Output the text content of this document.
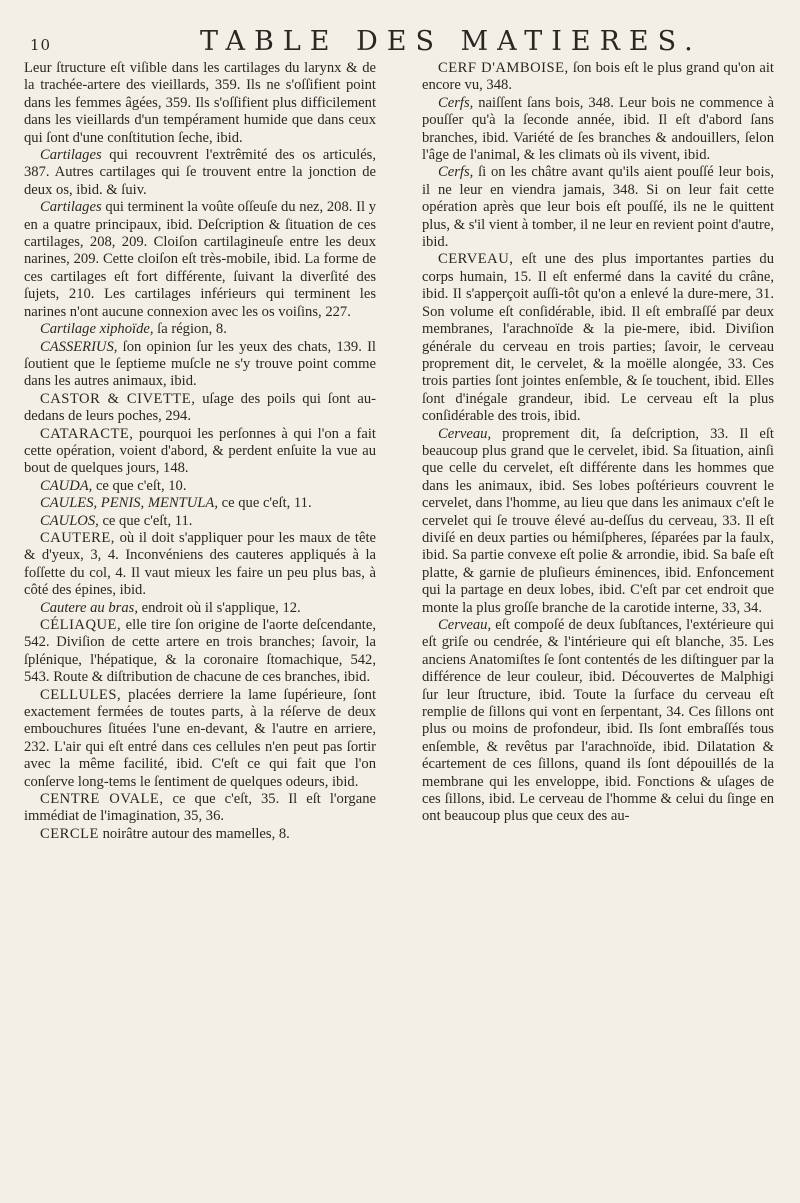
10	TABLE DES MATIERES.

Leur ſtructure eſt viſible dans les cartilages du larynx & de la trachée-artere des vieillards, 359. Ils ne s'oſſifient point dans les femmes âgées, 359. Ils s'oſſifient plus difficilement dans les vieillards d'un tempérament humide que dans ceux qui ſont d'une conſtitution ſeche, ibid.

Cartilages qui recouvrent l'extrêmité des os articulés, 387. Autres cartilages qui ſe trouvent entre la jonction de deux os, ibid. & ſuiv.

Cartilages qui terminent la voûte oſſeuſe du nez, 208. Il y en a quatre principaux, ibid. Deſcription & ſituation de ces cartilages, 208, 209. Cloiſon cartilagineuſe entre les deux narines, 209. Cette cloiſon eſt très-mobile, ibid. La forme de ces cartilages eſt fort différente, ſuivant la diverſité des ſujets, 210. Les cartilages inférieurs qui terminent les narines n'ont aucune connexion avec les os voiſins, 227.

Cartilage xiphoïde, ſa région, 8.

CASSERIUS, ſon opinion ſur les yeux des chats, 139. Il ſoutient que le ſeptieme muſcle ne s'y trouve point comme dans les autres animaux, ibid.

CASTOR & CIVETTE, uſage des poils qui ſont au-dedans de leurs poches, 294.

CATARACTE, pourquoi les perſonnes à qui l'on a fait cette opération, voient d'abord, & perdent enſuite la vue au bout de quelques jours, 148.

CAUDA, ce que c'eſt, 10.

CAULES, PENIS, MENTULA, ce que c'eſt, 11.

CAULOS, ce que c'eſt, 11.

CAUTERE, où il doit s'appliquer pour les maux de tête & d'yeux, 3, 4. Inconvéniens des cauteres appliqués à la foſſette du col, 4. Il vaut mieux les faire un peu plus bas, à côté des épines, ibid.

Cautere au bras, endroit où il s'applique, 12.

CÉLIAQUE, elle tire ſon origine de l'aorte deſcendante, 542. Diviſion de cette artere en trois branches; ſavoir, la ſplénique, l'hépatique, & la coronaire ſtomachique, 542, 543. Route & diſtribution de chacune de ces branches, ibid.

CELLULES, placées derriere la lame ſupérieure, ſont exactement fermées de toutes parts, à la réſerve de deux embouchures ſituées l'une en-devant, & l'autre en arriere, 232. L'air qui eſt entré dans ces cellules n'en peut pas ſortir avec la même facilité, ibid. C'eſt ce qui fait que l'on conſerve long-tems le ſentiment de quelques odeurs, ibid.

CENTRE OVALE, ce que c'eſt, 35. Il eſt l'organe immédiat de l'imagination, 35, 36.

CERCLE noirâtre autour des mamelles, 8.

CERF D'AMBOISE, ſon bois eſt le plus grand qu'on ait encore vu, 348.

Cerfs, naiſſent ſans bois, 348. Leur bois ne commence à pouſſer qu'à la ſeconde année, ibid. Il eſt d'abord ſans branches, ibid. Variété de ſes branches & andouillers, ſelon l'âge de l'animal, & les climats où ils vivent, ibid.

Cerfs, ſi on les châtre avant qu'ils aient pouſſé leur bois, il ne leur en viendra jamais, 348. Si on leur fait cette opération après que leur bois eſt pouſſé, ils ne le quittent plus, & s'il vient à tomber, il ne leur en revient point d'autre, ibid.

CERVEAU, eſt une des plus importantes parties du corps humain, 15. Il eſt enfermé dans la cavité du crâne, ibid. Il s'apperçoit auſſi-tôt qu'on a enlevé la dure-mere, 31. Son volume eſt conſidérable, ibid. Il eſt embraſſé par deux membranes, l'arachnoïde & la pie-mere, ibid. Diviſion générale du cerveau en trois parties; ſavoir, le cerveau proprement dit, le cervelet, & la moëlle alongée, 33. Ces trois parties ſont jointes enſemble, & ſe touchent, ibid. Elles ſont d'inégale grandeur, ibid. Le cerveau eſt la plus conſidérable des trois, ibid.

Cerveau, proprement dit, ſa deſcription, 33. Il eſt beaucoup plus grand que le cervelet, ibid. Sa ſituation, ainſi que celle du cervelet, eſt différente dans les hommes que dans les animaux, ibid. Ses lobes poſtérieurs couvrent le cervelet, dans l'homme, au lieu que dans les animaux c'eſt le cervelet qui ſe trouve élevé au-deſſus du cerveau, 33. Il eſt diviſé en deux parties ou hémiſpheres, ſéparées par la faulx, ibid. Sa partie convexe eſt polie & arrondie, ibid. Sa baſe eſt platte, & garnie de pluſieurs éminences, ibid. Enfoncement qui la partage en deux lobes, ibid. C'eſt par cet endroit que monte la plus groſſe branche de la carotide interne, 33, 34.

Cerveau, eſt compoſé de deux ſubſtances, l'extérieure qui eſt griſe ou cendrée, & l'intérieure qui eſt blanche, 35. Les anciens Anatomiſtes ſe ſont contentés de les diſtinguer par la différence de leur couleur, ibid. Découvertes de Malphigi ſur leur ſtructure, ibid. Toute la ſurface du cerveau eſt remplie de ſillons qui vont en ſerpentant, 34. Ces ſillons ont plus ou moins de profondeur, ibid. Ils ſont embraſſés tous enſemble, & revêtus par l'arachnoïde, ibid. Dilatation & écartement de ces ſillons, quand ils ſont dépouillés de la membrane qui les enveloppe, ibid. Fonctions & uſages de ces ſillons, ibid. Le cerveau de l'homme & celui du ſinge en ont beaucoup plus que ceux des au-
